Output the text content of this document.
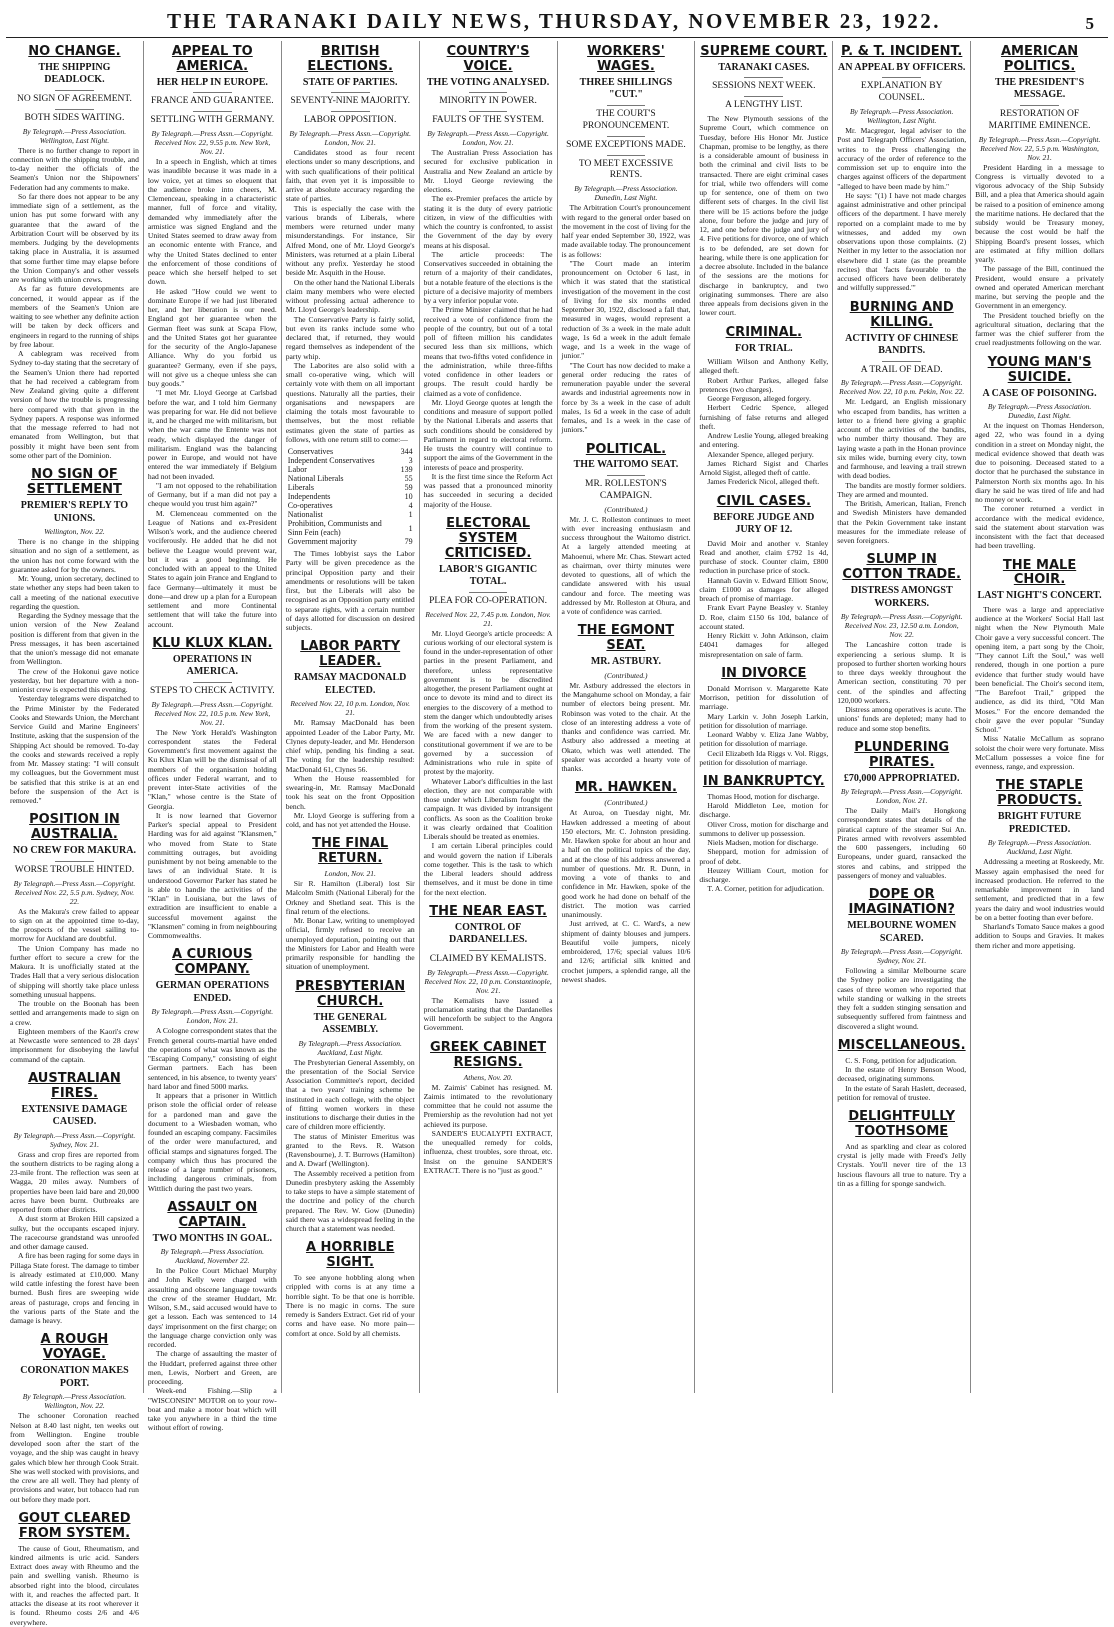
THE TARANAKI DAILY NEWS, THURSDAY, NOVEMBER 23, 1922.	5
NO CHANGE.
THE SHIPPING DEADLOCK.
NO SIGN OF AGREEMENT.
BOTH SIDES WAITING.
By Telegraph.—Press Association. Wellington, Last Night.

There is no further change to report in connection with the shipping trouble, and to-day neither the officials of the Seamen's Union nor the Shipowners' Federation had any comments to make.

So far there does not appear to be any immediate sign of a settlement, as the union has put some forward with any guarantee that the award of the Arbitration Court will be observed by its members. Judging by the developments taking place in Australia, it is assumed that some further time may elapse before the Union Company's and other vessels are working with union crews.

As far as future developments are concerned, it would appear as if the members of the Seamen's Union are waiting to see whether any definite action will be taken by deck officers and engineers in regard to the running of ships by free labour.

A cablegram was received from Sydney to-day stating that the secretary of the Seamen's Union there had reported that he had received a cablegram from New Zealand giving quite a different version of how the trouble is progressing here compared with that given in the Sydney papers. A response was informed that the message referred to had not emanated from Wellington, but that possibly it might have been sent from some other part of the Dominion.

NO SIGN OF SETTLEMENT
PREMIER'S REPLY TO UNIONS.
Wellington, Nov. 22.

There is no change in the shipping situation and no sign of a settlement, as the union has not come forward with the guarantee asked for by the owners.

Mr. Young, union secretary, declined to state whether any steps had been taken to call a meeting of the national executive regarding the question.

Regarding the Sydney message that the union version of the New Zealand position is different from that given in the Press messages, it has been ascertained that the union's message did not emanate from Wellington.

The crew of the Hokonui gave notice yesterday, but her departure with a non-unionist crew is expected this evening.

Yesterday telegrams were dispatched to the Prime Minister by the Federated Cooks and Stewards Union, the Merchant Service Guild and Marine Engineers' Institute, asking that the suspension of the Shipping Act should be removed. To-day the cooks and stewards received a reply from Mr. Massey stating: "I will consult my colleagues, but the Government must be satisfied that this strike is at an end before the suspension of the Act is removed."

POSITION IN AUSTRALIA.
NO CREW FOR MAKURA.
WORSE TROUBLE HINTED.
By Telegraph.—Press Assn.—Copyright. Received Nov. 22, 5.5 p.m. Sydney, Nov. 22.

As the Makura's crew failed to appear to sign on at the appointed time to-day, the prospects of the vessel sailing to-morrow for Auckland are doubtful.

The Union Company has made no further effort to secure a crew for the Makura. It is unofficially stated at the Trades Hall that a very serious dislocation of shipping will shortly take place unless something unusual happens.

The trouble on the Boonah has been settled and arrangements made to sign on a crew.

Eighteen members of the Kaori's crew at Newcastle were sentenced to 28 days' imprisonment for disobeying the lawful command of the captain.

AUSTRALIAN FIRES.
EXTENSIVE DAMAGE CAUSED.
By Telegraph.—Press Assn.—Copyright. Sydney, Nov. 21.

Grass and crop fires are reported from the southern districts to be raging along a 23-mile front. The reflection was seen at Wagga, 20 miles away. Numbers of properties have been laid bare and 20,000 acres have been burnt. Outbreaks are reported from other districts.

A dust storm at Broken Hill capsized a sulky, but the occupants escaped injury. The racecourse grandstand was unroofed and other damage caused.

A fire has been raging for some days in Pillaga State forest. The damage to timber is already estimated at £10,000. Many wild cattle infesting the forest have been burned. Bush fires are sweeping wide areas of pasturage, crops and fencing in the various parts of the State and the damage is heavy.

A ROUGH VOYAGE.
CORONATION MAKES PORT.
By Telegraph.—Press Association. Wellington, Nov. 22.

The schooner Coronation reached Nelson at 8.40 last night, ten weeks out from Wellington. Engine trouble developed soon after the start of the voyage, and the ship was caught in heavy gales which blew her through Cook Strait. She was well stocked with provisions, and the crew are all well. They had plenty of provisions and water, but tobacco had run out before they made port.

GOUT CLEARED FROM SYSTEM.

The cause of Gout, Rheumatism, and kindred ailments is uric acid. Sanders Extract does away with Rheumo and the pain and swelling vanish. Rheumo is absorbed right into the blood, circulates with it, and reaches the affected part. It attacks the disease at its root wherever it is found. Rheumo costs 2/6 and 4/6 everywhere.

APPEAL TO AMERICA.
HER HELP IN EUROPE.
FRANCE AND GUARANTEE.
SETTLING WITH GERMANY.
By Telegraph.—Press Assn.—Copyright. Received Nov. 22, 9.55 p.m. New York, Nov. 21.

In a speech in English, which at times was inaudible because it was made in a low voice, yet at times so eloquent that the audience broke into cheers, M. Clemenceau, speaking in a characteristic manner, full of force and vitality, demanded why immediately after the armistice was signed England and the United States seemed to draw away from an economic entente with France, and why the United States declined to enter the enforcement of those conditions of peace which she herself helped to set down.

He asked "How could we went to dominate Europe if we had just liberated her, and her liberation is our need. England got her guarantee when the German fleet was sunk at Scapa Flow, and the United States got her guarantee for the security of the Anglo-Japanese Alliance. Why do you forbid us guarantee? Germany, even if she pays, will not give us a cheque unless she can buy goods."

"I met Mr. Lloyd George at Carlsbad before the war, and I told him Germany was preparing for war. He did not believe it, and he charged me with militarism, but when the war came the Entente was not ready, which displayed the danger of militarism. England was the balancing power in Europe, and would not have entered the war immediately if Belgium had not been invaded.

"I am not opposed to the rehabilitation of Germany, but if a man did not pay a cheque would you trust him again?"

M. Clemenceau commented on the League of Nations and ex-President Wilson's work, and the audience cheered vociferously. He added that he did not believe the League would prevent war, but it was a good beginning. He concluded with an appeal to the United States to again join France and England to face Germany—ultimately it must be done—and drew up a plan for a European settlement and more Continental settlement that will take the future into account.

KLU KLUX KLAN.
OPERATIONS IN AMERICA.
STEPS TO CHECK ACTIVITY.
By Telegraph.—Press Assn.—Copyright. Received Nov. 22, 10.5 p.m. New York, Nov. 21.

The New York Herald's Washington correspondent states the Federal Government's first movement against the Ku Klux Klan will be the dismissal of all members of the organisation holding offices under Federal warrant, and to prevent inter-State activities of the "Klan," whose centre is the State of Georgia.

It is now learned that Governor Parker's special appeal to President Harding was for aid against "Klansmen," who moved from State to State committing outrages, but avoiding punishment by not being amenable to the laws of an individual State. It is understood Governor Parker has stated he is able to handle the activities of the "Klan" in Louisiana, but the laws of extradition are insufficient to enable a successful movement against the "Klansmen" coming in from neighbouring Commonwealths.

A CURIOUS COMPANY.
GERMAN OPERATIONS ENDED.
By Telegraph.—Press Assn.—Copyright. London, Nov. 21.

A Cologne correspondent states that the French general courts-martial have ended the operations of what was known as the "Escaping Company," consisting of eight German partners. Each has been sentenced, in his absence, to twenty years' hard labor and fined 5000 marks.

It appears that a prisoner in Wittlich prison stole the official order of release for a pardoned man and gave the document to a Wiesbaden woman, who founded an escaping company. Facsimiles of the order were manufactured, and official stamps and signatures forged. The company which thus has procured the release of a large number of prisoners, including dangerous criminals, from Wittlich during the past two years.

ASSAULT ON CAPTAIN.
TWO MONTHS IN GOAL.
By Telegraph.—Press Association. Auckland, November 22.

In the Police Court Michael Murphy and John Kelly were charged with assaulting and obscene language towards the crew of the steamer Huddart, Mr. Wilson, S.M., said accused would have to get a lesson. Each was sentenced to 14 days' imprisonment on the first charge; on the language charge conviction only was recorded.

The charge of assaulting the master of the Huddart, preferred against three other men, Lewis, Norbert and Green, are proceeding.

Week-end Fishing.—Slip a "WISCONSIN" MOTOR on to your row-boat and make a motor boat which will take you anywhere in a third the time without effort of rowing.

BRITISH ELECTIONS.
STATE OF PARTIES.
SEVENTY-NINE MAJORITY.
LABOR OPPOSITION.
By Telegraph.—Press Assn.—Copyright. London, Nov. 21.

Candidates stood as four recent elections under so many descriptions, and with such qualifications of their political faith, that even yet it is impossible to arrive at absolute accuracy regarding the state of parties.

This is especially the case with the various brands of Liberals, where members were returned under many misunderstandings. For instance, Sir Alfred Mond, one of Mr. Lloyd George's Ministers, was returned at a plain Liberal without any prefix. Yesterday he stood beside Mr. Asquith in the House.

On the other hand the National Liberals claim many members who were elected without professing actual adherence to Mr. Lloyd George's leadership.

The Conservative Party is fairly solid, but even its ranks include some who declared that, if returned, they would regard themselves as independent of the party whip.

The Laborites are also solid with a small co-operative wing, which will certainly vote with them on all important questions. Naturally all the parties, their organisations and newspapers are claiming the totals most favourable to themselves, but the most reliable estimates given the state of parties as follows, with one return still to come:—

Conservatives	344
Independent Conservatives	3
Labor	139
National Liberals	55
Liberals	59
Independents	10
Co-operatives	4
Nationalist	1
Prohibition, Communists and Sinn Fein (each)	1
Government majority	79

The Times lobbyist says the Labor Party will be given precedence as the principal Opposition party and their amendments or resolutions will be taken first, but the Liberals will also be recognised as an Opposition party entitled to separate rights, with a certain number of days allotted for discussion on desired subjects.

LABOR PARTY LEADER.
RAMSAY MACDONALD ELECTED.
Received Nov. 22, 10 p.m. London, Nov. 21.

Mr. Ramsay MacDonald has been appointed Leader of the Labor Party, Mr. Clynes deputy-leader, and Mr. Henderson chief whip, pending his finding a seat. The voting for the leadership resulted: MacDonald 61, Clynes 56.

When the House reassembled for swearing-in, Mr. Ramsay MacDonald took his seat on the front Opposition bench.

Mr. Lloyd George is suffering from a cold, and has not yet attended the House.

THE FINAL RETURN.
London, Nov. 21.

Sir R. Hamilton (Liberal) lost Sir Malcolm Smith (National Liberal) for the Orkney and Shetland seat. This is the final return of the elections.

Mr. Bonar Law, writing to unemployed official, firmly refused to receive an unemployed deputation, pointing out that the Ministers for Labor and Health were primarily responsible for handling the situation of unemployment.

PRESBYTERIAN CHURCH.
THE GENERAL ASSEMBLY.
By Telegraph.—Press Association. Auckland, Last Night.

The Presbyterian General Assembly, on the presentation of the Social Service Association Committee's report, decided that a two years' training scheme be instituted in each college, with the object of fitting women workers in these institutions to discharge their duties in the care of children more efficiently.

The status of Minister Emeritus was granted to the Revs. R. Watson (Ravensbourne), J. T. Burrows (Hamilton) and A. Dwarf (Wellington).

The Assembly received a petition from Dunedin presbytery asking the Assembly to take steps to have a simple statement of the doctrine and policy of the church prepared. The Rev. W. Gow (Dunedin) said there was a widespread feeling in the church that a statement was needed.

A HORRIBLE SIGHT.

To see anyone hobbling along when crippled with corns is at any time a horrible sight. To be that one is horrible. There is no magic in corns. The sure remedy is Sanders Extract. Get rid of your corns and have ease. No more pain—comfort at once. Sold by all chemists.

COUNTRY'S VOICE.
THE VOTING ANALYSED.
MINORITY IN POWER.
FAULTS OF THE SYSTEM.
By Telegraph.—Press Assn.—Copyright. London, Nov. 21.

The Australian Press Association has secured for exclusive publication in Australia and New Zealand an article by Mr. Lloyd George reviewing the elections.

The ex-Premier prefaces the article by stating it is the duty of every patriotic citizen, in view of the difficulties with which the country is confronted, to assist the Government of the day by every means at his disposal.

The article proceeds: The Conservatives succeeded in obtaining the return of a majority of their candidates, but a notable feature of the elections is the picture of a decisive majority of members by a very inferior popular vote.

The Prime Minister claimed that he had received a vote of confidence from the people of the country, but out of a total poll of fifteen million his candidates secured less than six millions, which means that two-fifths voted confidence in the administration, while three-fifths voted confidence in other leaders or groups. The result could hardly be claimed as a vote of confidence.

Mr. Lloyd George quotes at length the conditions and measure of support polled by the National Liberals and asserts that such conditions should be considered by Parliament in regard to electoral reform. He trusts the country will continue to support the aims of the Government in the interests of peace and prosperity.

It is the first time since the Reform Act was passed that a pronounced minority has succeeded in securing a decided majority of the House.

ELECTORAL SYSTEM CRITICISED.
LABOR'S GIGANTIC TOTAL.
PLEA FOR CO-OPERATION.
Received Nov. 22, 7.45 p.m. London, Nov. 21.

Mr. Lloyd George's article proceeds: A curious working of our electoral system is found in the under-representation of other parties in the present Parliament, and therefore, unless representative government is to be discredited altogether, the present Parliament ought at once to devote its mind and to direct its energies to the discovery of a method to stem the danger which undoubtedly arises from the working of the present system. We are faced with a new danger to constitutional government if we are to be governed by a succession of Administrations who rule in spite of protest by the majority.

Whatever Labor's difficulties in the last election, they are not comparable with those under which Liberalism fought the campaign. It was divided by intransigent conflicts. As soon as the Coalition broke it was clearly ordained that Coalition Liberals should be treated as enemies.

I am certain Liberal principles could and would govern the nation if Liberals come together. This is the task to which the Liberal leaders should address themselves, and it must be done in time for the next election.

THE NEAR EAST.
CONTROL OF DARDANELLES.
CLAIMED BY KEMALISTS.
By Telegraph.—Press Assn.—Copyright. Received Nov. 22, 10 p.m. Constantinople, Nov. 21.

The Kemalists have issued a proclamation stating that the Dardanelles will henceforth be subject to the Angora Government.

GREEK CABINET RESIGNS.
Athens, Nov. 20.

M. Zaimis' Cabinet has resigned. M. Zaimis intimated to the revolutionary committee that he could not assume the Premiership as the revolution had not yet achieved its purpose.

SANDER'S EUCALYPTI EXTRACT, the unequalled remedy for colds, influenza, chest troubles, sore throat, etc. Insist on the genuine SANDER'S EXTRACT. There is no "just as good."

WORKERS' WAGES.
THREE SHILLINGS "CUT."
THE COURT'S PRONOUNCEMENT.
SOME EXCEPTIONS MADE.
TO MEET EXCESSIVE RENTS.
By Telegraph.—Press Association. Dunedin, Last Night.

The Arbitration Court's pronouncement with regard to the general order based on the movement in the cost of living for the half year ended September 30, 1922, was made available today. The pronouncement is as follows:

"The Court made an interim pronouncement on October 6 last, in which it was stated that the statistical investigation of the movement in the cost of living for the six months ended September 30, 1922, disclosed a fall that, measured in wages, would represent a reduction of 3s a week in the male adult wage, 1s 6d a week in the adult female wage, and 1s a week in the wage of junior."

"The Court has now decided to make a general order reducing the rates of remuneration payable under the several awards and industrial agreements now in force by 3s a week in the case of adult males, 1s 6d a week in the case of adult females, and 1s a week in the case of juniors."

POLITICAL.
THE WAITOMO SEAT.
MR. ROLLESTON'S CAMPAIGN.
(Contributed.)

Mr. J. C. Rolleston continues to meet with ever increasing enthusiasm and success throughout the Waitomo district. At a largely attended meeting at Mahoenui, where Mr. Chas. Stewart acted as chairman, over thirty minutes were devoted to questions, all of which the candidate answered with his usual candour and force. The meeting was addressed by Mr. Rolleston at Ohura, and a vote of confidence was carried.

THE EGMONT SEAT.
MR. ASTBURY.
(Contributed.)

Mr. Astbury addressed the electors in the Mangahume school on Monday, a fair number of electors being present. Mr. Robinson was voted to the chair. At the close of an interesting address a vote of thanks and confidence was carried. Mr. Astbury also addressed a meeting at Okato, which was well attended. The speaker was accorded a hearty vote of thanks.

MR. HAWKEN.
(Contributed.)

At Auroa, on Tuesday night, Mr. Hawken addressed a meeting of about 150 electors, Mr. C. Johnston presiding. Mr. Hawken spoke for about an hour and a half on the political topics of the day, and at the close of his address answered a number of questions. Mr. R. Dunn, in moving a vote of thanks to and confidence in Mr. Hawken, spoke of the good work he had done on behalf of the district. The motion was carried unanimously.

Just arrived, at C. C. Ward's, a new shipment of dainty blouses and jumpers. Beautiful voile jumpers, nicely embroidered, 17/6; special values 10/6 and 12/6; artificial silk knitted and crochet jumpers, a splendid range, all the newest shades.

SUPREME COURT.
TARANAKI CASES.
SESSIONS NEXT WEEK.
A LENGTHY LIST.

The New Plymouth sessions of the Supreme Court, which commence on Tuesday, before His Honor Mr. Justice Chapman, promise to be lengthy, as there is a considerable amount of business in both the criminal and civil lists to be transacted. There are eight criminal cases for trial, while two offenders will come up for sentence, one of them on two different sets of charges. In the civil list there will be 15 actions before the judge alone, four before the judge and jury of 12, and one before the judge and jury of 4. Five petitions for divorce, one of which is to be defended, are set down for hearing, while there is one application for a decree absolute. Included in the balance of the sessions are the motions for discharge in bankruptcy, and two originating summonses. There are also three appeals from decisions given in the lower court.

CRIMINAL.
FOR TRIAL.

William Wilson and Anthony Kelly, alleged theft.

Robert Arthur Parkes, alleged false pretences (two charges).

George Ferguson, alleged forgery.

Herbert Cedric Spence, alleged furnishing of false returns and alleged theft.

Andrew Leslie Young, alleged breaking and entering.

Alexander Spence, alleged perjury.

James Richard Sigist and Charles Arnold Sigist, alleged theft of cattle.

James Frederick Nicol, alleged theft.

CIVIL CASES.
BEFORE JUDGE AND JURY OF 12.

David Moir and another v. Stanley Read and another, claim £792 1s 4d, purchase of stock. Counter claim, £800 reduction in purchase price of stock.

Hannah Gavin v. Edward Elliott Snow, claim £1000 as damages for alleged breach of promise of marriage.

Frank Evart Payne Beasley v. Stanley D. Roe, claim £150 6s 10d, balance of account stated.

Henry Rickitt v. John Atkinson, claim £4041 damages for alleged misrepresentation on sale of farm.

IN DIVORCE

Donald Morrison v. Margarette Kate Morrison, petition for dissolution of marriage.

Mary Larkin v. John Joseph Larkin, petition for dissolution of marriage.

Leonard Wabby v. Eliza Jane Wabby, petition for dissolution of marriage.

Cecil Elizabeth Ida Riggs v. Vol. Riggs, petition for dissolution of marriage.

IN BANKRUPTCY.

Thomas Hood, motion for discharge.

Harold Middleton Lee, motion for discharge.

Oliver Cross, motion for discharge and summons to deliver up possession.

Niels Madsen, motion for discharge.

Sheppard, motion for admission of proof of debt.

Heuzey William Court, motion for discharge.

T. A. Corner, petition for adjudication.

P. & T. INCIDENT.
AN APPEAL BY OFFICERS.
EXPLANATION BY COUNSEL.
By Telegraph.—Press Association. Wellington, Last Night.

Mr. Macgregor, legal adviser to the Post and Telegraph Officers' Association, writes to the Press challenging the accuracy of the order of reference to the commission set up to enquire into the charges against officers of the department "alleged to have been made by him."

He says: "(1) I have not made charges against administrative and other principal officers of the department. I have merely reported on a complaint made to me by witnesses, and added my own observations upon those complaints. (2) Neither in my letter to the association nor elsewhere did I state (as the preamble recites) that 'facts favourable to the accused officers have been deliberately and wilfully suppressed.'"

BURNING AND KILLING.
ACTIVITY OF CHINESE BANDITS.
A TRAIL OF DEAD.
By Telegraph.—Press Assn.—Copyright. Received Nov. 22, 10 p.m. Pekin, Nov. 22.

Mr. Ledgard, an English missionary who escaped from bandits, has written a letter to a friend here giving a graphic account of the activities of the bandits, who number thirty thousand. They are laying waste a path in the Honan province six miles wide, burning every city, town and farmhouse, and leaving a trail strewn with dead bodies.

The bandits are mostly former soldiers. They are armed and mounted.

The British, American, Italian, French and Swedish Ministers have demanded that the Pekin Government take instant measures for the immediate release of seven foreigners.

SLUMP IN COTTON TRADE.
DISTRESS AMONGST WORKERS.
By Telegraph.—Press Assn.—Copyright. Received Nov. 23, 12.50 a.m. London, Nov. 22.

The Lancashire cotton trade is experiencing a serious slump. It is proposed to further shorten working hours to three days weekly throughout the American section, constituting 70 per cent. of the spindles and affecting 120,000 workers.

Distress among operatives is acute. The unions' funds are depleted; many had to reduce and some stop benefits.

PLUNDERING PIRATES.
£70,000 APPROPRIATED.
By Telegraph.—Press Assn.—Copyright. London, Nov. 21.

The Daily Mail's Hongkong correspondent states that details of the piratical capture of the steamer Sui An. Pirates armed with revolvers assembled the 600 passengers, including 60 Europeans, under guard, ransacked the stores and cabins, and stripped the passengers of money and valuables.

DOPE OR IMAGINATION?
MELBOURNE WOMEN SCARED.
By Telegraph.—Press Assn.—Copyright. Sydney, Nov. 21.

Following a similar Melbourne scare the Sydney police are investigating the cases of three women who reported that while standing or walking in the streets they felt a sudden stinging sensation and subsequently suffered from faintness and discovered a slight wound.

MISCELLANEOUS.

C. S. Fong, petition for adjudication.

In the estate of Henry Benson Wood, deceased, originating summons.

In the estate of Sarah Haslett, deceased, petition for removal of trustee.

DELIGHTFULLY TOOTHSOME

And as sparkling and clear as colored crystal is jelly made with Freed's Jelly Crystals. You'll never tire of the 13 luscious flavours all true to nature. Try a tin as a filling for sponge sandwich.

AMERICAN POLITICS.
THE PRESIDENT'S MESSAGE.
RESTORATION OF MARITIME EMINENCE.
By Telegraph.—Press Assn.—Copyright. Received Nov. 22, 5.5 p.m. Washington, Nov. 21.

President Harding in a message to Congress is virtually devoted to a vigorous advocacy of the Ship Subsidy Bill, and a plea that America should again be raised to a position of eminence among the maritime nations. He declared that the subsidy would be Treasury money, because the cost would be half the Shipping Board's present losses, which are estimated at fifty million dollars yearly.

The passage of the Bill, continued the President, would ensure a privately owned and operated American merchant marine, but serving the people and the Government in an emergency.

The President touched briefly on the agricultural situation, declaring that the farmer was the chief sufferer from the cruel readjustments following on the war.

YOUNG MAN'S SUICIDE.
A CASE OF POISONING.
By Telegraph.—Press Association. Dunedin, Last Night.

At the inquest on Thomas Henderson, aged 22, who was found in a dying condition in a street on Monday night, the medical evidence showed that death was due to poisoning. Deceased stated to a doctor that he purchased the substance in Palmerston North six months ago. In his diary he said he was tired of life and had no money or work.

The coroner returned a verdict in accordance with the medical evidence, said the statement about starvation was inconsistent with the fact that deceased had been travelling.

THE MALE CHOIR.
LAST NIGHT'S CONCERT.

There was a large and appreciative audience at the Workers' Social Hall last night when the New Plymouth Male Choir gave a very successful concert. The opening item, a part song by the Choir, "They cannot Lift the Soul," was well rendered, though in one portion a pure evidence that further study would have been beneficial. The Choir's second item, "The Barefoot Trail," gripped the audience, as did its third, "Old Man Moses." For the encore demanded the choir gave the ever popular "Sunday School."

Miss Natalie McCallum as soprano soloist the choir were very fortunate. Miss McCallum possesses a voice fine for evenness, range, and expression.

THE STAPLE PRODUCTS.
BRIGHT FUTURE PREDICTED.
By Telegraph.—Press Association. Auckland, Last Night.

Addressing a meeting at Roskeedy, Mr. Massey again emphasised the need for increased production. He referred to the remarkable improvement in land settlement, and predicted that in a few years the dairy and wool industries would be on a better footing than ever before.

Sharland's Tomato Sauce makes a good addition to Soups and Gravies. It makes them richer and more appetising.
